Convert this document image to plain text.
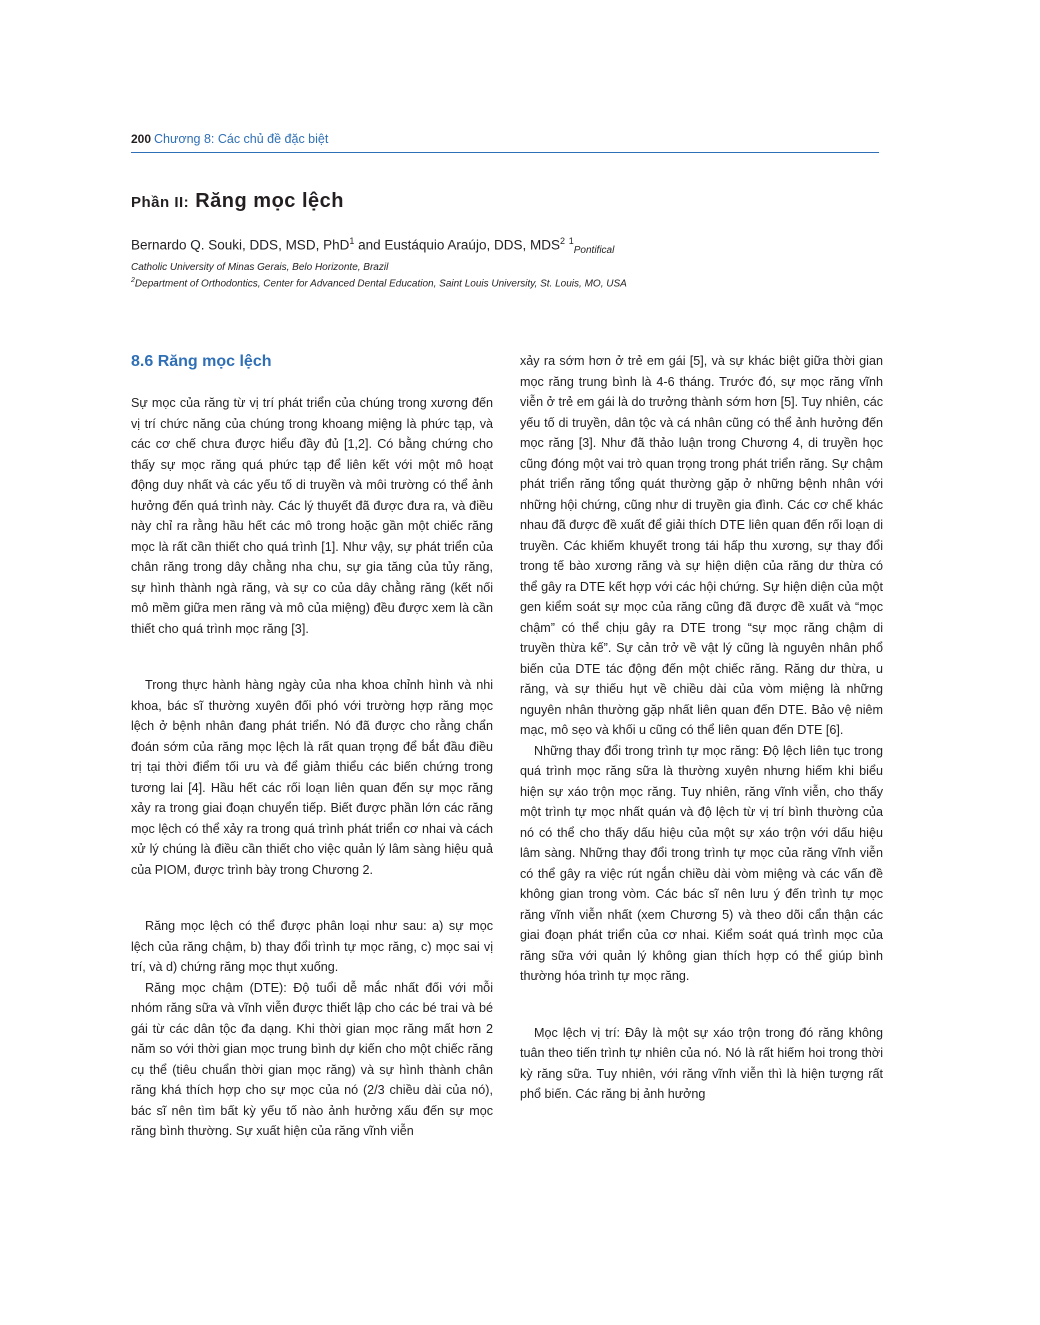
200 Chương 8: Các chủ đề đặc biệt
Phần II: Răng mọc lệch
Bernardo Q. Souki, DDS, MSD, PhD$^1$ and Eustáquio Araújo, DDS, MDS$^2$ $^1_{Pontifical}$
Catholic University of Minas Gerais, Belo Horizonte, Brazil
$^2$Department of Orthodontics, Center for Advanced Dental Education, Saint Louis University, St. Louis, MO, USA
8.6 Răng mọc lệch

Sự mọc của răng từ vị trí phát triển của chúng trong xương đến vị trí chức năng của chúng trong khoang miệng là phức tạp, và các cơ chế chưa được hiểu đầy đủ [1,2]. Có bằng chứng cho thấy sự mọc răng quá phức tạp để liên kết với một mô hoạt động duy nhất và các yếu tố di truyền và môi trường có thể ảnh hưởng đến quá trình này. Các lý thuyết đã được đưa ra, và điều này chỉ ra rằng hầu hết các mô trong hoặc gần một chiếc răng mọc là rất cần thiết cho quá trình [1]. Như vậy, sự phát triển của chân răng trong dây chằng nha chu, sự gia tăng của tủy răng, sự hình thành ngà răng, và sự co của dây chằng răng (kết nối mô mềm giữa men răng và mô của miệng) đều được xem là cần thiết cho quá trình mọc răng [3].

Trong thực hành hàng ngày của nha khoa chỉnh hình và nhi khoa, bác sĩ thường xuyên đối phó với trường hợp răng mọc lệch ở bệnh nhân đang phát triển. Nó đã được cho rằng chẩn đoán sớm của răng mọc lệch là rất quan trọng để bắt đầu điều trị tại thời điểm tối ưu và để giảm thiểu các biến chứng trong tương lai [4]. Hầu hết các rối loạn liên quan đến sự mọc răng xảy ra trong giai đoạn chuyển tiếp. Biết được phần lớn các răng mọc lệch có thể xảy ra trong quá trình phát triển cơ nhai và cách xử lý chúng là điều cần thiết cho việc quản lý lâm sàng hiệu quả của PIOM, được trình bày trong Chương 2.

Răng mọc lệch có thể được phân loại như sau: a) sự mọc lệch của răng chậm, b) thay đổi trình tự mọc răng, c) mọc sai vị trí, và d) chứng răng mọc thụt xuống.

Răng mọc chậm (DTE): Độ tuổi dễ mắc nhất đối với mỗi nhóm răng sữa và vĩnh viễn được thiết lập cho các bé trai và bé gái từ các dân tộc đa dạng. Khi thời gian mọc răng mất hơn 2 năm so với thời gian mọc trung bình dự kiến cho một chiếc răng cụ thể (tiêu chuẩn thời gian mọc răng) và sự hình thành chân răng khá thích hợp cho sự mọc của nó (2/3 chiều dài của nó), bác sĩ nên tìm bất kỳ yếu tố nào ảnh hưởng xấu đến sự mọc răng bình thường. Sự xuất hiện của răng vĩnh viễn

xảy ra sớm hơn ở trẻ em gái [5], và sự khác biệt giữa thời gian mọc răng trung bình là 4-6 tháng. Trước đó, sự mọc răng vĩnh viễn ở trẻ em gái là do trưởng thành sớm hơn [5]. Tuy nhiên, các yếu tố di truyền, dân tộc và cá nhân cũng có thể ảnh hưởng đến mọc răng [3]. Như đã thảo luận trong Chương 4, di truyền học cũng đóng một vai trò quan trọng trong phát triển răng. Sự chậm phát triển răng tổng quát thường gặp ở những bệnh nhân với những hội chứng, cũng như di truyền gia đình. Các cơ chế khác nhau đã được đề xuất để giải thích DTE liên quan đến rối loạn di truyền. Các khiếm khuyết trong tái hấp thu xương, sự thay đổi trong tế bào xương răng và sự hiện diện của răng dư thừa có thể gây ra DTE kết hợp với các hội chứng. Sự hiện diện của một gen kiểm soát sự mọc của răng cũng đã được đề xuất và “mọc chậm” có thể chịu gây ra DTE trong “sự mọc răng chậm di truyền thừa kế”. Sự cản trở về vật lý cũng là nguyên nhân phổ biến của DTE tác động đến một chiếc răng. Răng dư thừa, u răng, và sự thiếu hụt về chiều dài của vòm miệng là những nguyên nhân thường gặp nhất liên quan đến DTE. Bảo vệ niêm mạc, mô sẹo và khối u cũng có thể liên quan đến DTE [6].

Những thay đổi trong trình tự mọc răng: Độ lệch liên tục trong quá trình mọc răng sữa là thường xuyên nhưng hiếm khi biểu hiện sự xáo trộn mọc răng. Tuy nhiên, răng vĩnh viễn, cho thấy một trình tự mọc nhất quán và độ lệch từ vị trí bình thường của nó có thể cho thấy dấu hiệu của một sự xáo trộn với dấu hiệu lâm sàng. Những thay đổi trong trình tự mọc của răng vĩnh viễn có thể gây ra việc rút ngắn chiều dài vòm miệng và các vấn đề không gian trong vòm. Các bác sĩ nên lưu ý đến trình tự mọc răng vĩnh viễn nhất (xem Chương 5) và theo dõi cẩn thận các giai đoạn phát triển của cơ nhai. Kiểm soát quá trình mọc của răng sữa với quản lý không gian thích hợp có thể giúp bình thường hóa trình tự mọc răng.

Mọc lệch vị trí: Đây là một sự xáo trộn trong đó răng không tuân theo tiến trình tự nhiên của nó. Nó là rất hiếm hoi trong thời kỳ răng sữa. Tuy nhiên, với răng vĩnh viễn thì là hiện tượng rất phổ biến. Các răng bị ảnh hưởng
